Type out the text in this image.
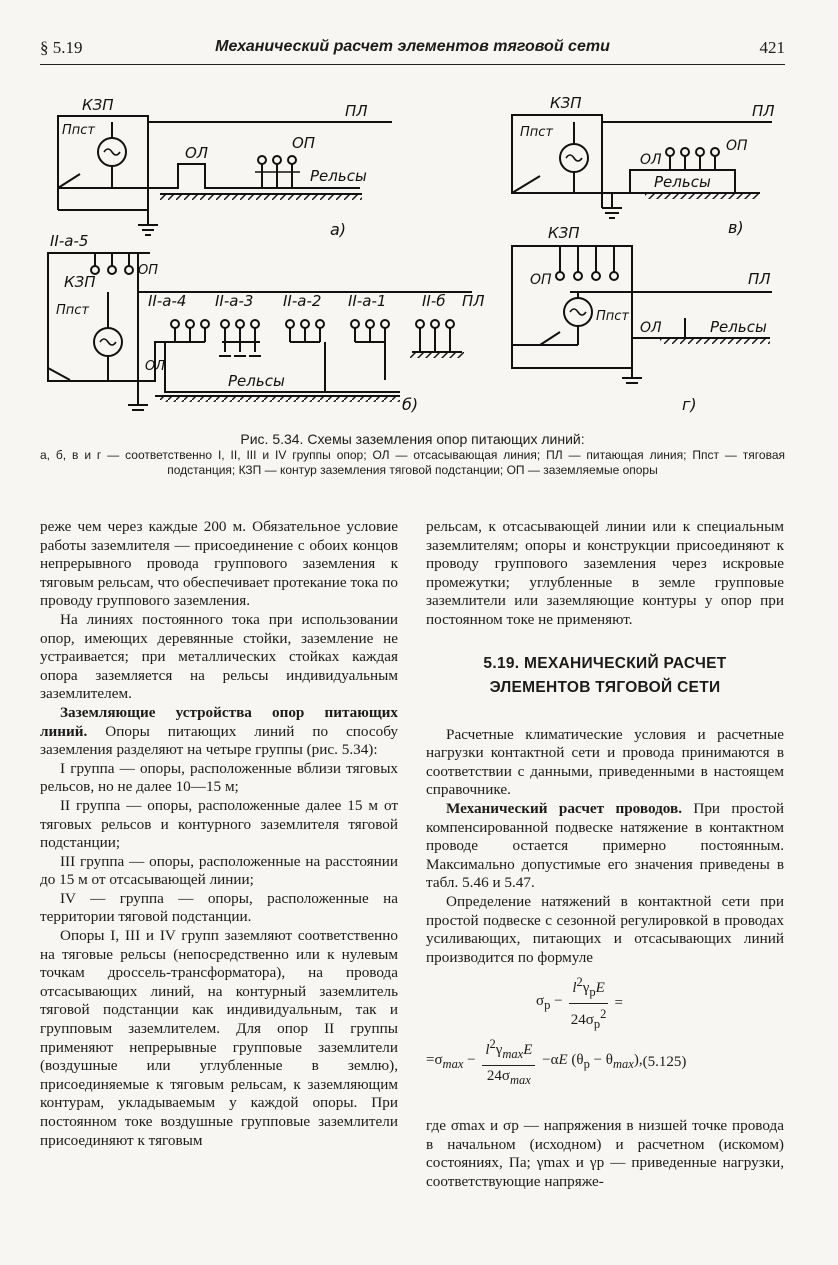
§ 5.19	Механический расчет элементов тяговой сети	421
КЗП
Ппст
ПЛ
ОЛ
ОП
Рельсы
а)
II-а-5
ОП
КЗП
Ппст
II-а-4 II-а-3 II-а-2 II-а-1 II-б ПЛ
ОЛ
Рельсы
б)
КЗП
Ппст
ПЛ
ОЛ
ОП
Рельсы
в)
КЗП
ОП	ПЛ
Ппст
ОЛ	Рельсы
г)
Рис. 5.34. Схемы заземления опор питающих линий:
а, б, в и г — соответственно I, II, III и IV группы опор; ОЛ — отсасывающая линия; ПЛ — питающая линия; Ппст — тяговая подстанция; КЗП — контур заземления тяговой подстанции; ОП — заземляемые опоры

реже чем через каждые 200 м. Обязательное условие работы заземлителя — присоединение с обоих концов непрерывного провода группового заземления к тяговым рельсам, что обеспечивает протекание тока по проводу группового заземления.

На линиях постоянного тока при использовании опор, имеющих деревянные стойки, заземление не устраивается; при металлических стойках каждая опора заземляется на рельсы индивидуальным заземлителем.

Заземляющие устройства опор питающих линий. Опоры питающих линий по способу заземления разделяют на четыре группы (рис. 5.34):

I группа — опоры, расположенные вблизи тяговых рельсов, но не далее 10—15 м;

II группа — опоры, расположенные далее 15 м от тяговых рельсов и контурного заземлителя тяговой подстанции;

III группа — опоры, расположенные на расстоянии до 15 м от отсасывающей линии;

IV — группа — опоры, расположенные на территории тяговой подстанции.

Опоры I, III и IV групп заземляют соответственно на тяговые рельсы (непосредственно или к нулевым точкам дроссель-трансформатора), на провода отсасывающих линий, на контурный заземлитель тяговой подстанции как индивидуальным, так и групповым заземлителем. Для опор II группы применяют непрерывные групповые заземлители (воздушные или углубленные в землю), присоединяемые к тяговым рельсам, к заземляющим контурам, укладываемым у каждой опоры. При постоянном токе воздушные групповые заземлители присоединяют к тяговым

рельсам, к отсасывающей линии или к специальным заземлителям; опоры и конструкции присоединяют к проводу группового заземления через искровые промежутки; углубленные в земле групповые заземлители или заземляющие контуры у опор при постоянном токе не применяют.

5.19. МЕХАНИЧЕСКИЙ РАСЧЕТ
ЭЛЕМЕНТОВ ТЯГОВОЙ СЕТИ

Расчетные климатические условия и расчетные нагрузки контактной сети и провода принимаются в соответствии с данными, приведенными в настоящем справочнике.

Механический расчет проводов. При простой компенсированной подвеске натяжение в контактном проводе остается примерно постоянным. Максимально допустимые его значения приведены в табл. 5.46 и 5.47.

Определение натяжений в контактной сети при простой подвеске с сезонной регулировкой в проводах усиливающих, питающих и отсасывающих линий производится по формуле

$\sigma_р - \frac{l^2\gamma_рE}{24\sigma_р^2}$ =
$=\sigma_{max} - \frac{l^2\gamma_{max}E}{24\sigma_{max}} -\alpha E$ $(\theta_р - \theta_{max}),(5.125)$

где σmax и σр — напряжения в низшей точке провода в начальном (исходном) и расчетном (искомом) состояниях, Па; γmax и γр — приведенные нагрузки, соответствующие напряже-
